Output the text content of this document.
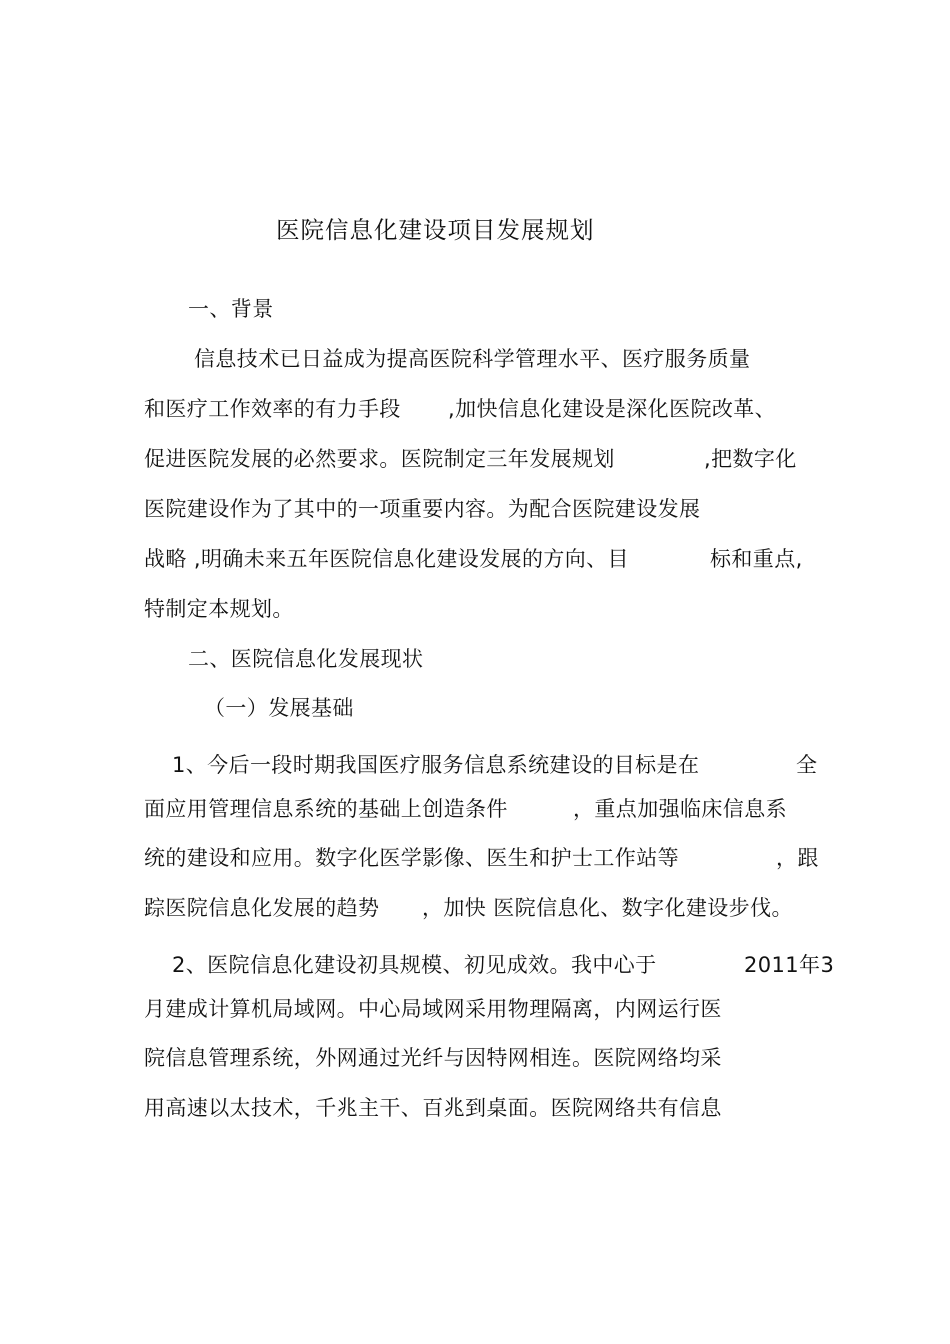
医院信息化建设项目发展规划
一、背景
信息技术已日益成为提高医院科学管理水平、医疗服务质量
和医疗工作效率的有力手段 ,加快信息化建设是深化医院改革、
促进医院发展的必然要求。医院制定三年发展规划	,把数字化
医院建设作为了其中的一项重要内容。为配合医院建设发展
战略 ,明确未来五年医院信息化建设发展的方向、目	标和重点,
特制定本规划。
二、医院信息化发展现状
（一）发展基础
1、今后一段时期我国医疗服务信息系统建设的目标是在	全
面应用管理信息系统的基础上创造条件	，重点加强临床信息系
统的建设和应用。数字化医学影像、医生和护士工作站等	，跟
踪医院信息化发展的趋势 ，加快 医院信息化、数字化建设步伐。
2、医院信息化建设初具规模、初见成效。我中心于	2011年3
月建成计算机局域网。中心局域网采用物理隔离，内网运行医
院信息管理系统，外网通过光纤与因特网相连。医院网络均采
用高速以太技术，千兆主干、百兆到桌面。医院网络共有信息
